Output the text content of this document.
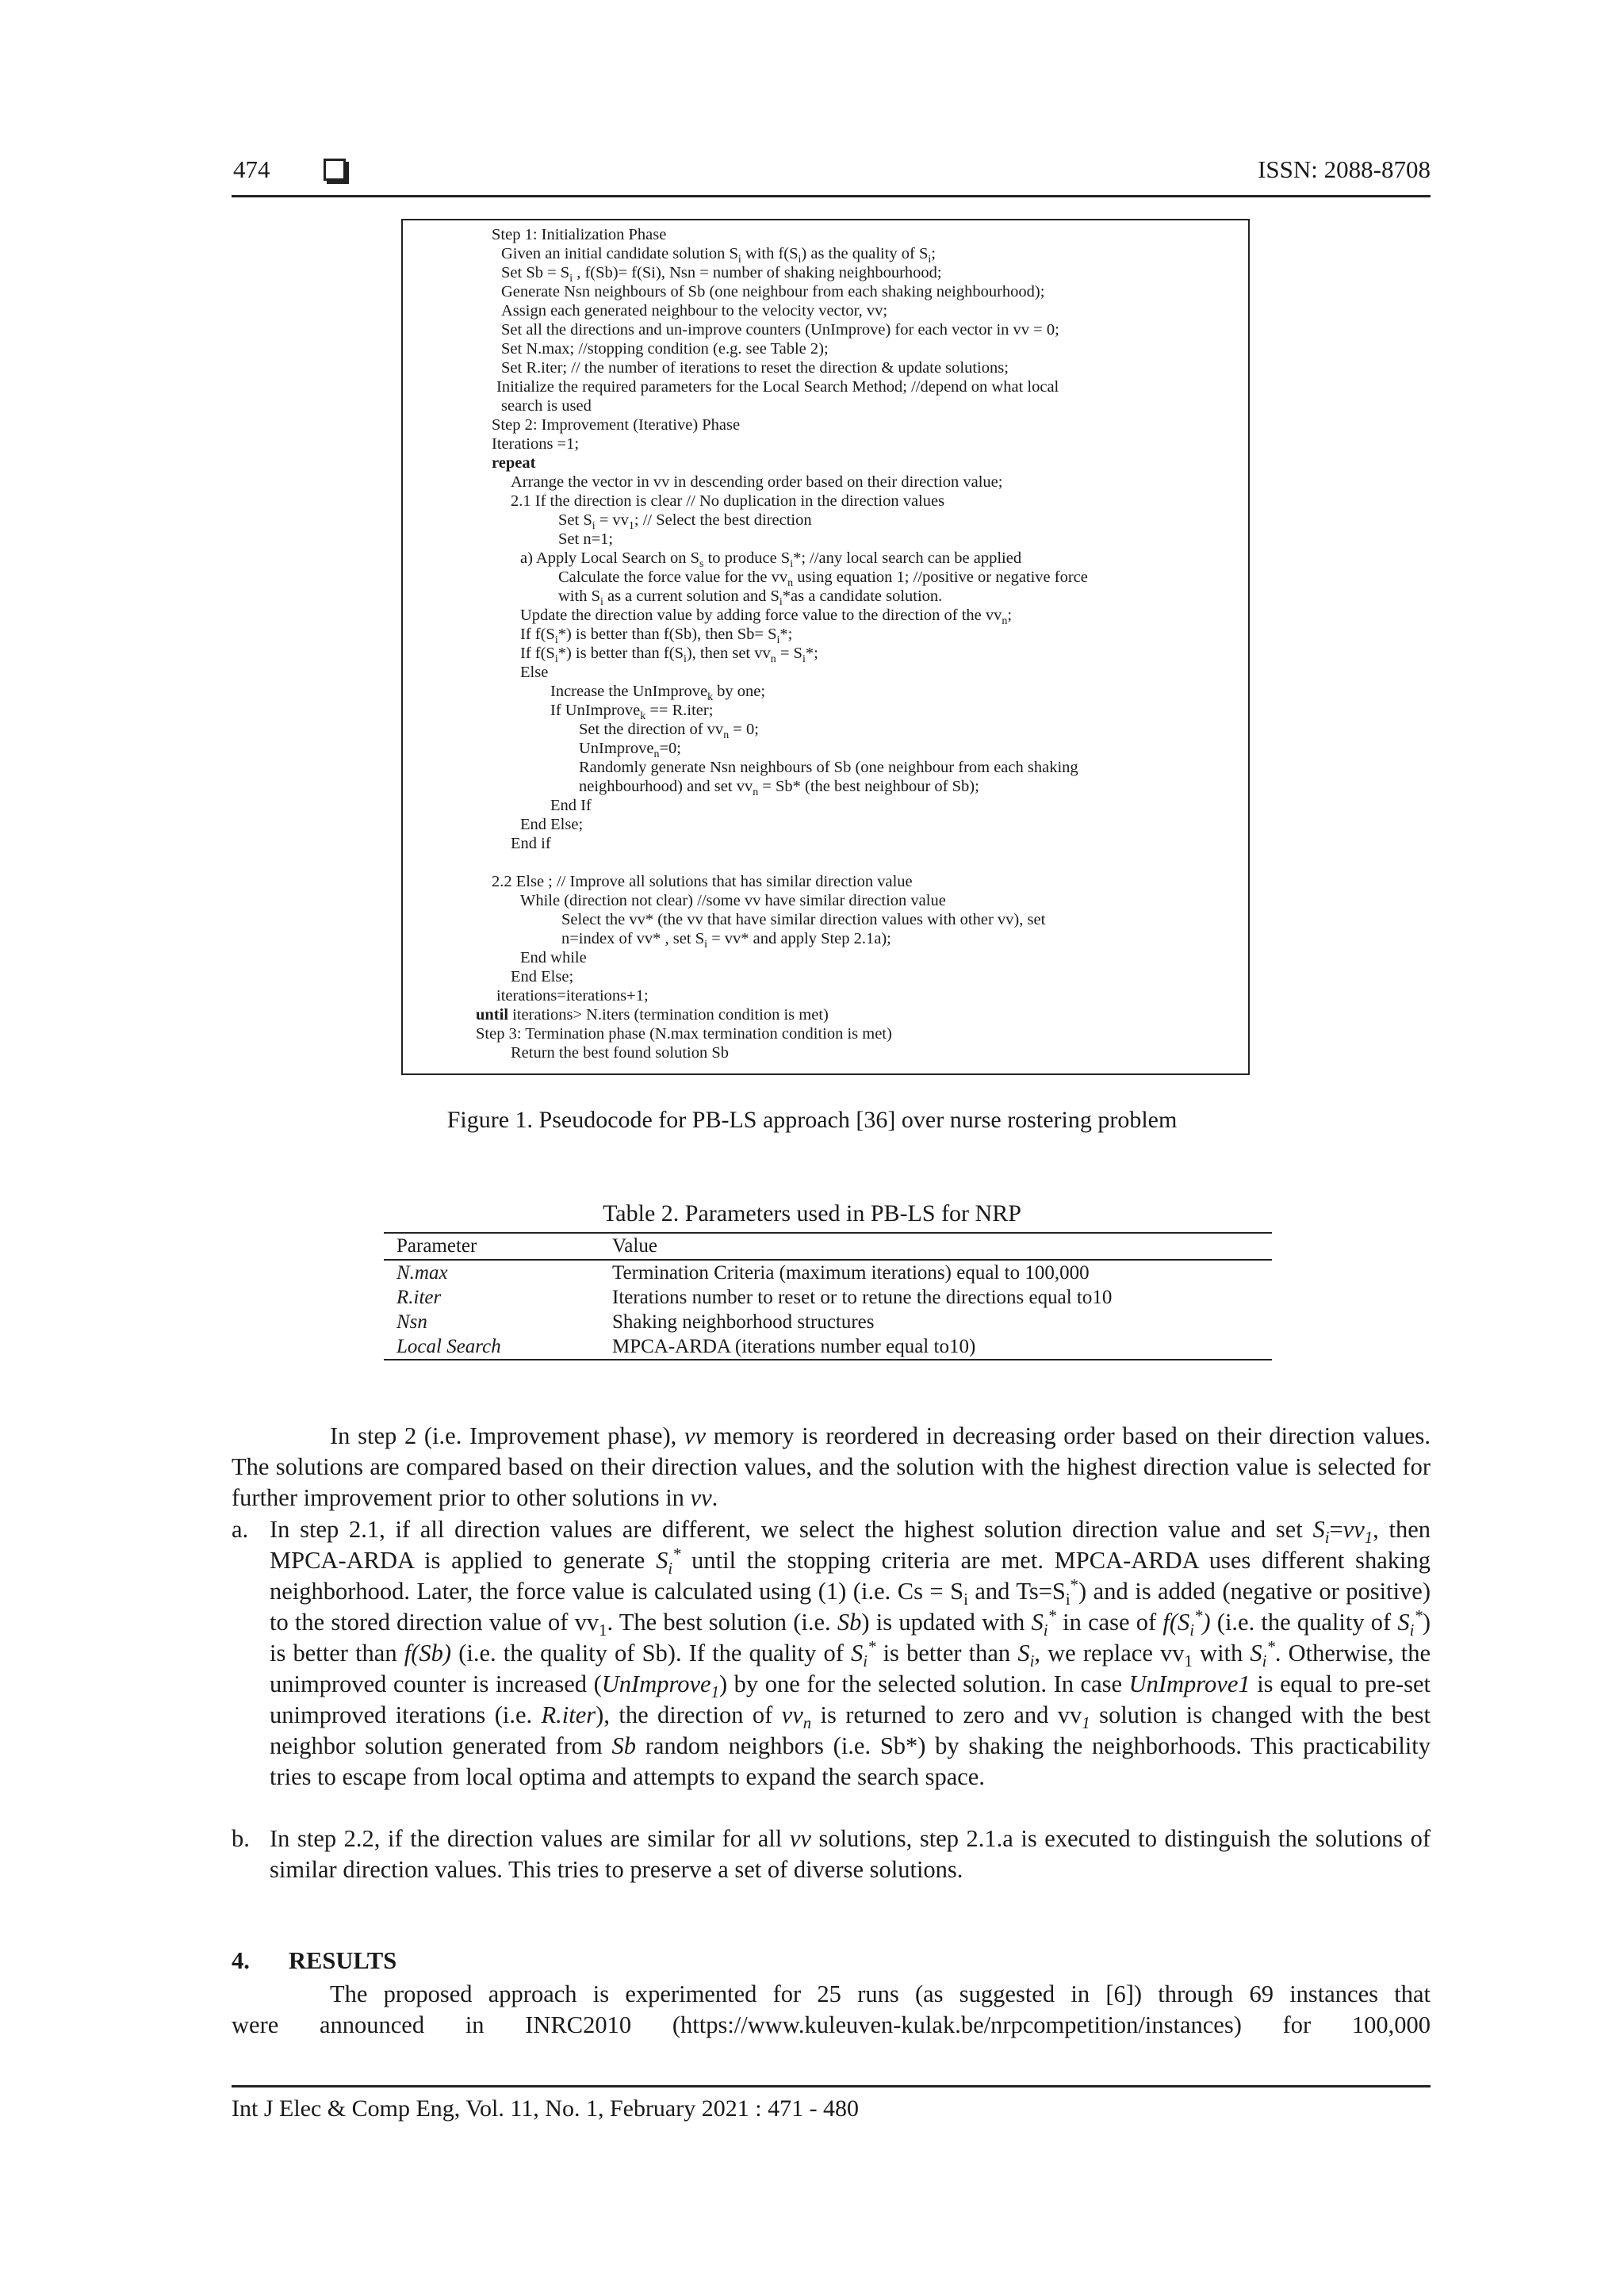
474	ISSN: 2088-8708
Step 1: Initialization Phase
Given an initial candidate solution $S_i$ with $f(S_i)$ as the quality of $S_i$;
Set $Sb = S_i$ , f(Sb)= f(Si), Nsn = number of shaking neighbourhood;
Generate Nsn neighbours of Sb (one neighbour from each shaking neighbourhood);
Assign each generated neighbour to the velocity vector, vv;
Set all the directions and un-improve counters (UnImprove) for each vector in vv = 0;
Set N.max; //stopping condition (e.g. see Table 2);
Set R.iter; // the number of iterations to reset the direction & update solutions;
Initialize the required parameters for the Local Search Method; //depend on what local
search is used
Step 2: Improvement (Iterative) Phase
Iterations =1;
repeat
Arrange the vector in vv in descending order based on their direction value;
2.1 If the direction is clear // No duplication in the direction values
Set $S_i = vv_1$; // Select the best direction
Set n=1;
a) Apply Local Search on $S_s$ to produce $S_i*$; //any local search can be applied
Calculate the force value for the $vv_n$ using equation 1; //positive or negative force
with $S_i$ as a current solution and $S_i*as$ a candidate solution.
Update the direction value by adding force value to the direction of the $vv_n$;
If $f(S_i*)$ is better than f(Sb), then $Sb= S_i*$;
If $f(S_i*)$ is better than $f(S_i)$, then set $vv_n = S_i*$;
Else
Increase the UnImprove$_k$ by one;
If UnImprove$_k$ == R.iter;
Set the direction of $vv_n = 0$;
UnImprove$_n$=0;
Randomly generate Nsn neighbours of Sb (one neighbour from each shaking
neighbourhood) and set $vv_n = Sb*$ (the best neighbour of Sb);
End If
End Else;
End if
2.2 Else ; // Improve all solutions that has similar direction value
While (direction not clear) //some vv have similar direction value
Select the vv* (the vv that have similar direction values with other vv), set
n=index of vv* , set $S_i = vv*$ and apply Step 2.1a);
End while
End Else;
iterations=iterations+1;
until iterations> N.iters (termination condition is met)
Step 3: Termination phase (N.max termination condition is met)
Return the best found solution Sb
Figure 1. Pseudocode for PB-LS approach [36] over nurse rostering problem
Table 2. Parameters used in PB-LS for NRP
Parameter	Value
N.max	Termination Criteria (maximum iterations) equal to 100,000
R.iter	Iterations number to reset or to retune the directions equal to10
Nsn	Shaking neighborhood structures
Local Search	MPCA-ARDA (iterations number equal to10)
In step 2 (i.e. Improvement phase), vv memory is reordered in decreasing order based on their direction values. The solutions are compared based on their direction values, and the solution with the highest direction value is selected for further improvement prior to other solutions in vv.
a. In step 2.1, if all direction values are different, we select the highest solution direction value and set $S_i=vv_1$, then MPCA-ARDA is applied to generate $S_i^*$ until the stopping criteria are met. MPCA-ARDA uses different shaking neighborhood. Later, the force value is calculated using (1) (i.e. $Cs = S_i$ and $Ts=S_i^*$) and is added (negative or positive) to the stored direction value of $vv_1$. The best solution (i.e. Sb) is updated with $S_i^*$ in case of $f(S_i^*)$ (i.e. the quality of $S_i^*$) is better than f(Sb) (i.e. the quality of Sb). If the quality of $S_i^*$ is better than $S_i$, we replace $vv_1$ with $S_i^*$. Otherwise, the unimproved counter is increased (UnImprove$_1$) by one for the selected solution. In case UnImprove1 is equal to pre-set unimproved iterations (i.e. R.iter), the direction of $vv_n$ is returned to zero and $vv_1$ solution is changed with the best neighbor solution generated from Sb random neighbors (i.e. Sb*) by shaking the neighborhoods. This practicability tries to escape from local optima and attempts to expand the search space.
b. In step 2.2, if the direction values are similar for all vv solutions, step 2.1.a is executed to distinguish the solutions of similar direction values. This tries to preserve a set of diverse solutions.
4. RESULTS
The proposed approach is experimented for 25 runs (as suggested in [6]) through 69 instances that
were announced in INRC2010 (https://www.kuleuven-kulak.be/nrpcompetition/instances) for 100,000
Int J Elec & Comp Eng, Vol. 11, No. 1, February 2021 : 471 - 480
